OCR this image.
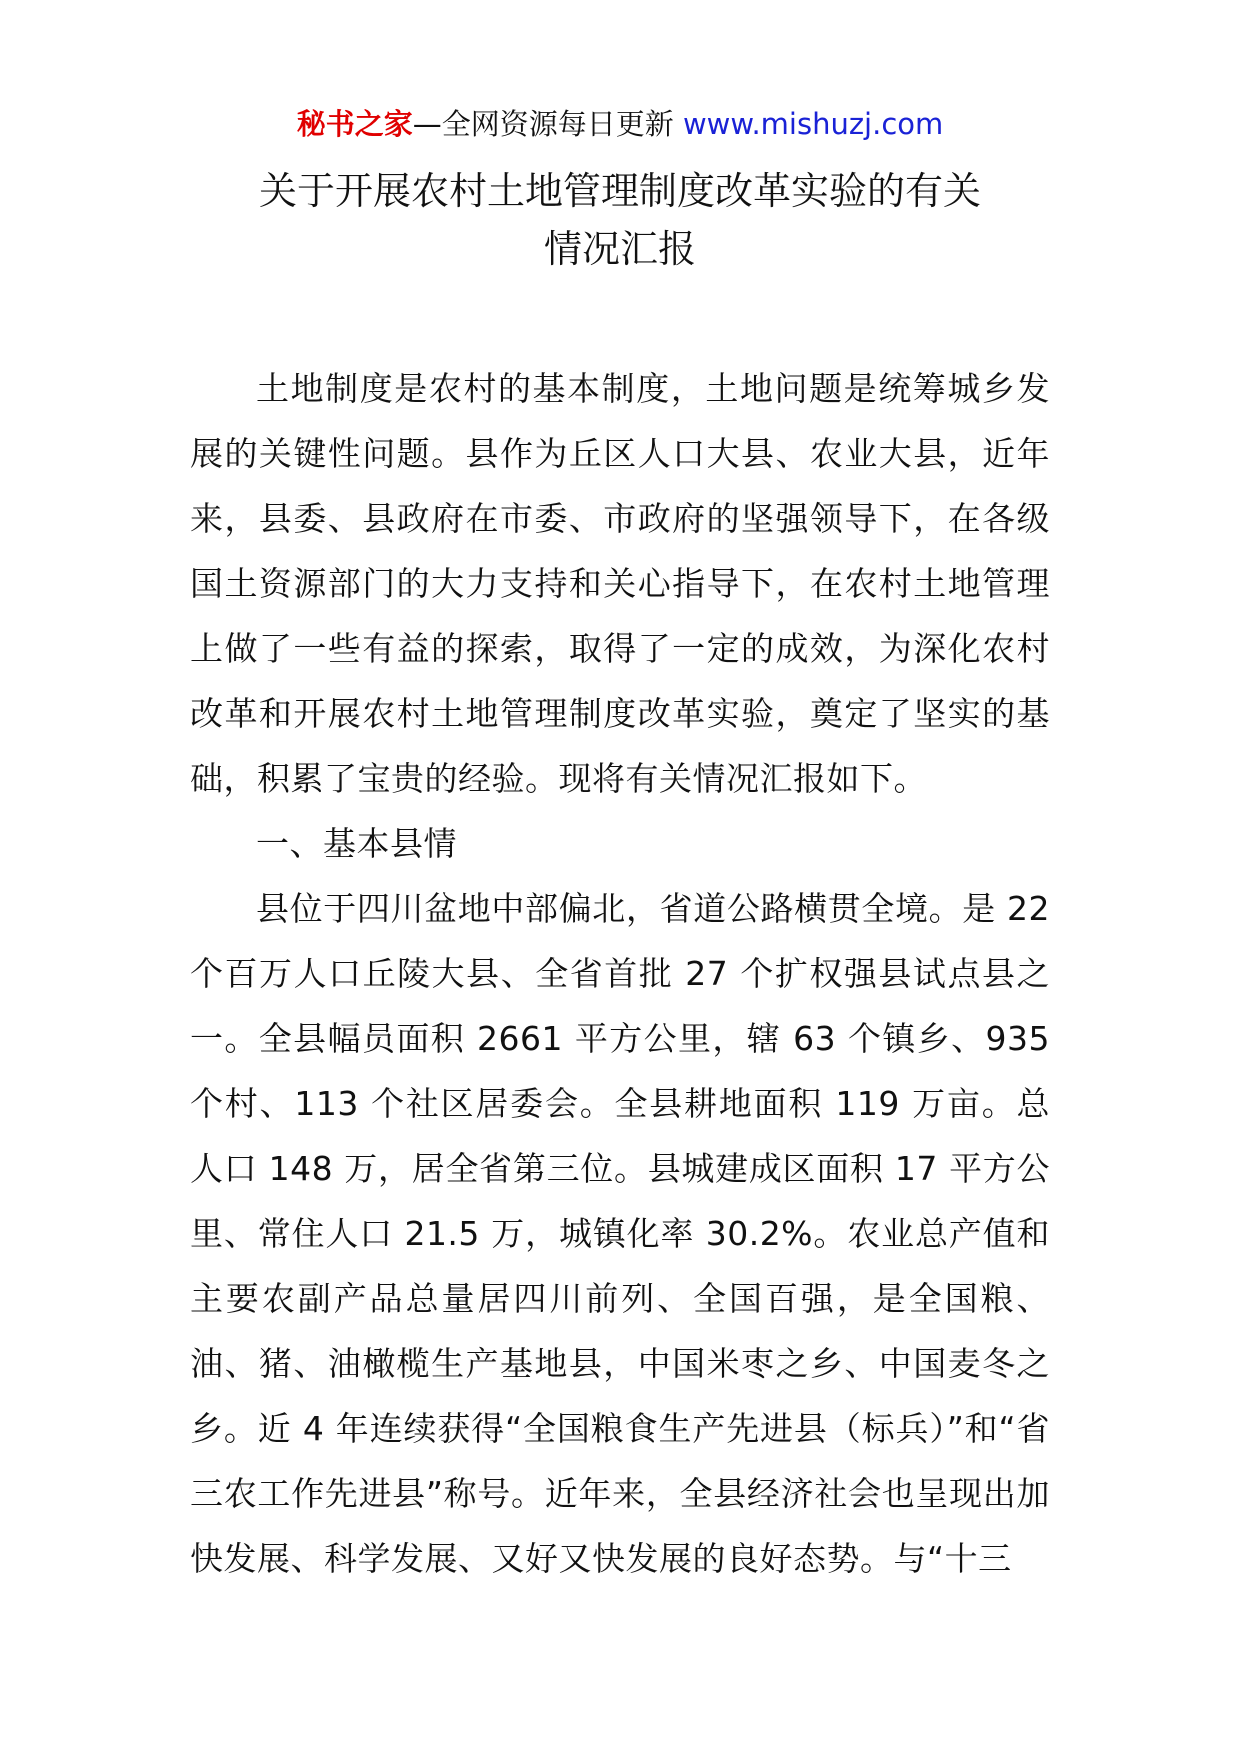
秘书之家—全网资源每日更新 www.mishuzj.com
关于开展农村土地管理制度改革实验的有关
情况汇报

土地制度是农村的基本制度，土地问题是统筹城乡发展的关键性问题。县作为丘区人口大县、农业大县，近年来，县委、县政府在市委、市政府的坚强领导下，在各级国土资源部门的大力支持和关心指导下，在农村土地管理上做了一些有益的探索，取得了一定的成效，为深化农村改革和开展农村土地管理制度改革实验，奠定了坚实的基础，积累了宝贵的经验。现将有关情况汇报如下。

一、基本县情

县位于四川盆地中部偏北，省道公路横贯全境。是 22 个百万人口丘陵大县、全省首批 27 个扩权强县试点县之一。全县幅员面积 2661 平方公里，辖 63 个镇乡、935 个村、113 个社区居委会。全县耕地面积 119 万亩。总人口 148 万，居全省第三位。县城建成区面积 17 平方公里、常住人口 21.5 万，城镇化率 30.2%。农业总产值和主要农副产品总量居四川前列、全国百强，是全国粮、油、猪、油橄榄生产基地县，中国米枣之乡、中国麦冬之乡。近 4 年连续获得“全国粮食生产先进县（标兵）”和“省三农工作先进县”称号。近年来，全县经济社会也呈现出加快发展、科学发展、又好又快发展的良好态势。与“十三
